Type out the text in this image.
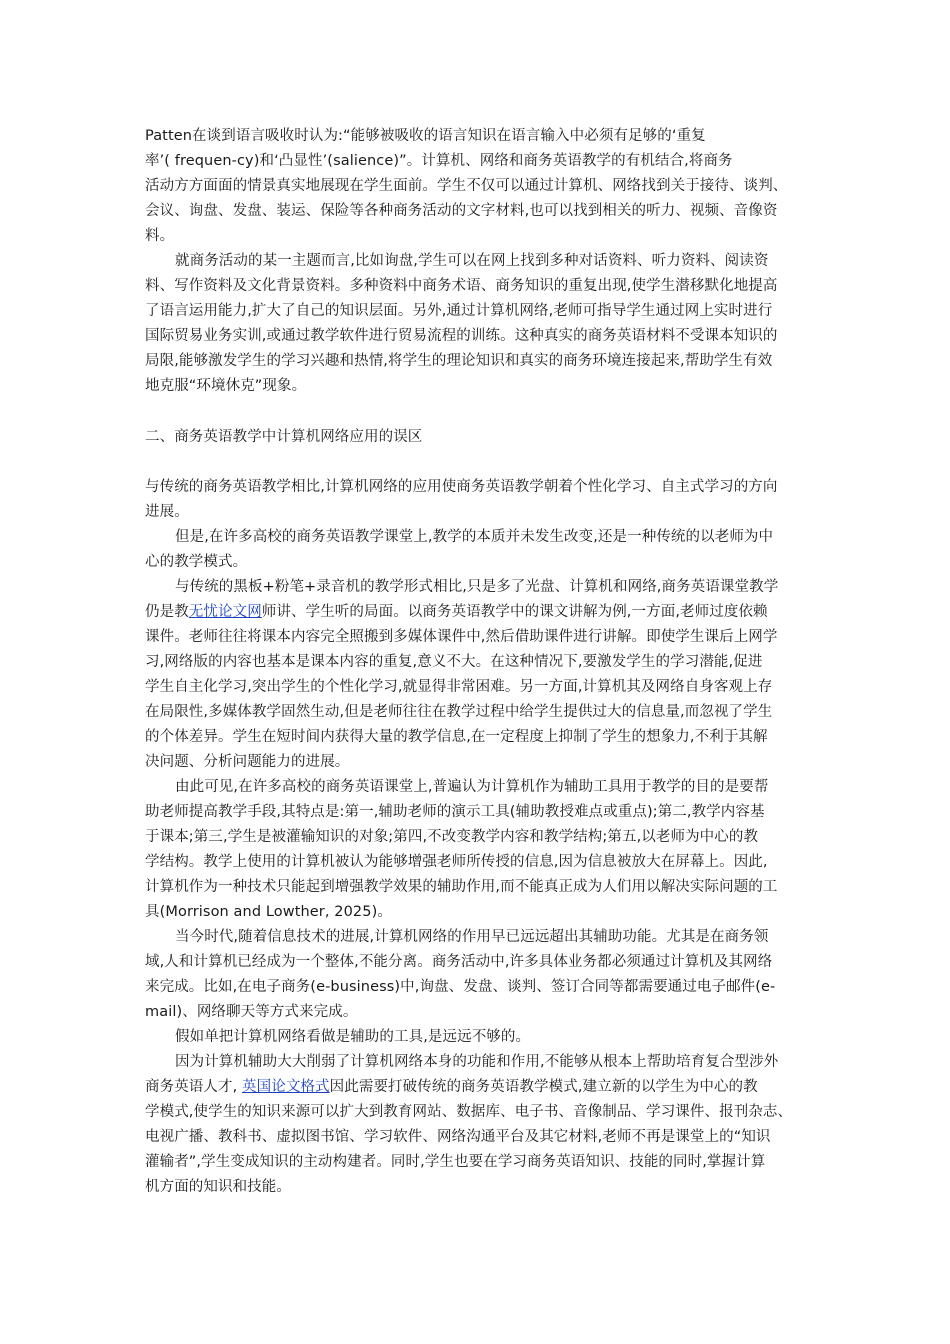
Patten在谈到语言吸收时认为:“能够被吸收的语言知识在语言输入中必须有足够的‘重复
率’( frequen-cy)和‘凸显性’(salience)”。计算机、网络和商务英语教学的有机结合,将商务
活动方方面面的情景真实地展现在学生面前。学生不仅可以通过计算机、网络找到关于接待、谈判、
会议、询盘、发盘、装运、保险等各种商务活动的文字材料,也可以找到相关的听力、视频、音像资
料。
就商务活动的某一主题而言,比如询盘,学生可以在网上找到多种对话资料、听力资料、阅读资
料、写作资料及文化背景资料。多种资料中商务术语、商务知识的重复出现,使学生潜移默化地提高
了语言运用能力,扩大了自己的知识层面。另外,通过计算机网络,老师可指导学生通过网上实时进行
国际贸易业务实训,或通过教学软件进行贸易流程的训练。这种真实的商务英语材料不受课本知识的
局限,能够激发学生的学习兴趣和热情,将学生的理论知识和真实的商务环境连接起来,帮助学生有效
地克服“环境休克”现象。
二、商务英语教学中计算机网络应用的误区
与传统的商务英语教学相比,计算机网络的应用使商务英语教学朝着个性化学习、自主式学习的方向
进展。
但是,在许多高校的商务英语教学课堂上,教学的本质并未发生改变,还是一种传统的以老师为中
心的教学模式。
与传统的黑板+粉笔+录音机的教学形式相比,只是多了光盘、计算机和网络,商务英语课堂教学
仍是教无忧论文网师讲、学生听的局面。以商务英语教学中的课文讲解为例,一方面,老师过度依赖
课件。老师往往将课本内容完全照搬到多媒体课件中,然后借助课件进行讲解。即使学生课后上网学
习,网络版的内容也基本是课本内容的重复,意义不大。在这种情况下,要激发学生的学习潜能,促进
学生自主化学习,突出学生的个性化学习,就显得非常困难。另一方面,计算机其及网络自身客观上存
在局限性,多媒体教学固然生动,但是老师往往在教学过程中给学生提供过大的信息量,而忽视了学生
的个体差异。学生在短时间内获得大量的教学信息,在一定程度上抑制了学生的想象力,不利于其解
决问题、分析问题能力的进展。
由此可见,在许多高校的商务英语课堂上,普遍认为计算机作为辅助工具用于教学的目的是要帮
助老师提高教学手段,其特点是:第一,辅助老师的演示工具(辅助教授难点或重点);第二,教学内容基
于课本;第三,学生是被灌输知识的对象;第四,不改变教学内容和教学结构;第五,以老师为中心的教
学结构。教学上使用的计算机被认为能够增强老师所传授的信息,因为信息被放大在屏幕上。因此,
计算机作为一种技术只能起到增强教学效果的辅助作用,而不能真正成为人们用以解决实际问题的工
具(Morrison and Lowther, 2025)。
当今时代,随着信息技术的进展,计算机网络的作用早已远远超出其辅助功能。尤其是在商务领
域,人和计算机已经成为一个整体,不能分离。商务活动中,许多具体业务都必须通过计算机及其网络
来完成。比如,在电子商务(e-business)中,询盘、发盘、谈判、签订合同等都需要通过电子邮件(e-
mail)、网络聊天等方式来完成。
假如单把计算机网络看做是辅助的工具,是远远不够的。
因为计算机辅助大大削弱了计算机网络本身的功能和作用,不能够从根本上帮助培育复合型涉外
商务英语人才, 英国论文格式因此需要打破传统的商务英语教学模式,建立新的以学生为中心的教
学模式,使学生的知识来源可以扩大到教育网站、数据库、电子书、音像制品、学习课件、报刊杂志、
电视广播、教科书、虚拟图书馆、学习软件、网络沟通平台及其它材料,老师不再是课堂上的“知识
灌输者”,学生变成知识的主动构建者。同时,学生也要在学习商务英语知识、技能的同时,掌握计算
机方面的知识和技能。
